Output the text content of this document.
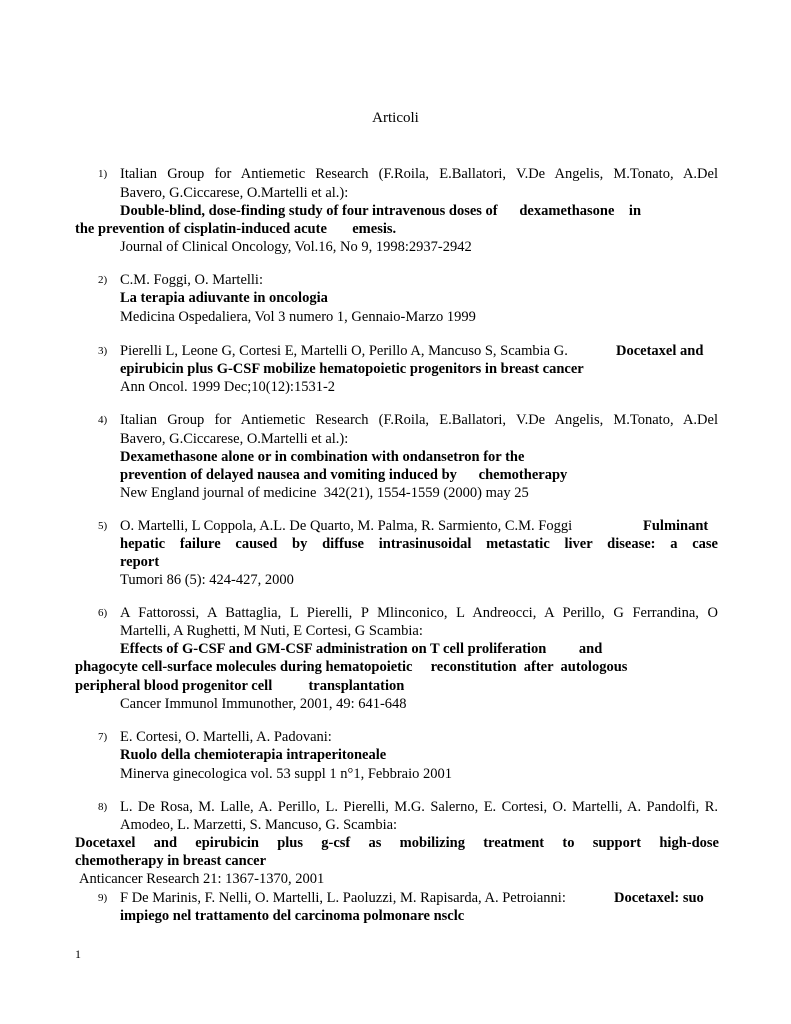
Articoli
1) Italian Group for Antiemetic Research (F.Roila, E.Ballatori, V.De Angelis, M.Tonato, A.Del
Bavero, G.Ciccarese, O.Martelli et al.):
Double-blind, dose-finding study of four intravenous doses of      dexamethasone    in
the prevention of cisplatin-induced acute       emesis.
Journal of Clinical Oncology, Vol.16, No 9, 1998:2937-2942
2) C.M. Foggi, O. Martelli:
La terapia adiuvante in oncologia
Medicina Ospedaliera, Vol 3 numero 1, Gennaio-Marzo 1999
3) Pierelli L, Leone G, Cortesi E, Martelli O, Perillo A, Mancuso S, Scambia G.	Docetaxel and
epirubicin plus G-CSF mobilize hematopoietic progenitors in breast cancer
Ann Oncol. 1999 Dec;10(12):1531-2
4) Italian Group for Antiemetic Research (F.Roila, E.Ballatori, V.De Angelis, M.Tonato, A.Del
Bavero, G.Ciccarese, O.Martelli et al.):
Dexamethasone alone or in combination with ondansetron for the
prevention of delayed nausea and vomiting induced by      chemotherapy
New England journal of medicine  342(21), 1554-1559 (2000) may 25
5) O. Martelli, L Coppola, A.L. De Quarto, M. Palma, R. Sarmiento, C.M. Foggi	Fulminant
hepatic failure caused by diffuse intrasinusoidal metastatic liver disease: a case
report
Tumori 86 (5): 424-427, 2000
6) A Fattorossi, A Battaglia, L Pierelli, P Mlinconico, L Andreocci, A Perillo, G Ferrandina, O
Martelli, A Rughetti, M Nuti, E Cortesi, G Scambia:
Effects of G-CSF and GM-CSF administration on T cell proliferation         and
phagocyte cell-surface molecules during hematopoietic     reconstitution  after  autologous
peripheral blood progenitor cell          transplantation
Cancer Immunol Immunother, 2001, 49: 641-648
7) E. Cortesi, O. Martelli, A. Padovani:
Ruolo della chemioterapia intraperitoneale
Minerva ginecologica vol. 53 suppl 1 n°1, Febbraio 2001
8) L. De Rosa, M. Lalle, A. Perillo, L. Pierelli, M.G. Salerno, E. Cortesi, O. Martelli, A. Pandolfi, R.
Amodeo, L. Marzetti, S. Mancuso, G. Scambia:
Docetaxel and epirubicin plus g-csf as mobilizing treatment to support high-dose
chemotherapy in breast cancer
Anticancer Research 21: 1367-1370, 2001
9) F De Marinis, F. Nelli, O. Martelli, L. Paoluzzi, M. Rapisarda, A. Petroianni:	Docetaxel: suo
impiego nel trattamento del carcinoma polmonare nsclc
1
